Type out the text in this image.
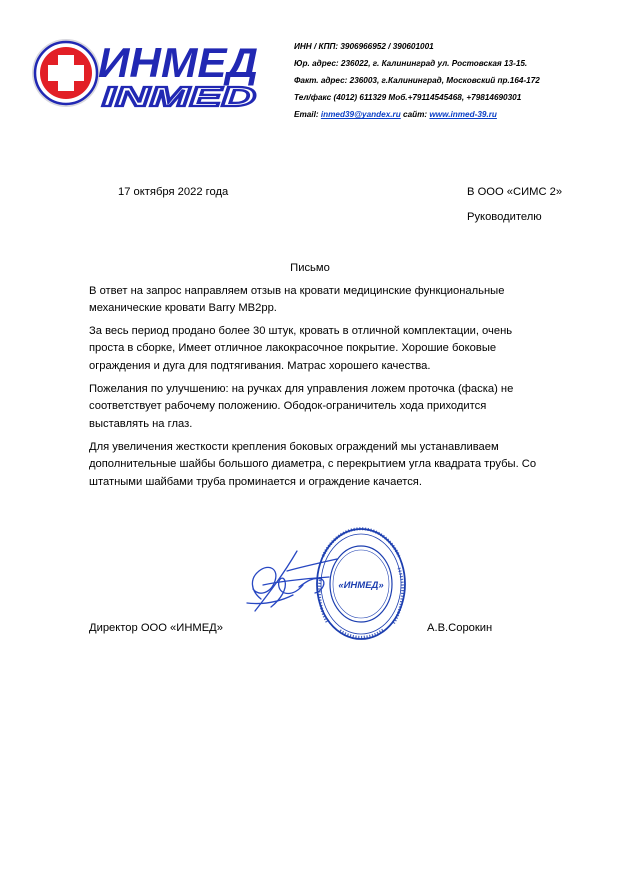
ИНМЕД
INMED
ИНН / КПП: 3906966952 / 390601001
Юр. адрес: 236022, г. Калининград ул. Ростовская 13-15.
Факт. адрес: 236003, г.Калининград, Московский пр.164-172
Тел/факс (4012) 611329 Моб.+79114545468, +79814690301
Email: inmed39@yandex.ru сайт: www.inmed-39.ru
17 октября 2022 года	В ООО «СИМС 2»
Руководителю
Письмо
В ответ на запрос направляем отзыв на кровати медицинские функциональные механические кровати Barry MB2pp.
За весь период продано более 30 штук, кровать в отличной комплектации, очень проста в сборке, Имеет отличное лакокрасочное покрытие. Хорошие боковые ограждения и дуга для подтягивания. Матрас хорошего качества.
Пожелания по улучшению: на ручках для управления ложем проточка (фаска) не соответствует рабочему положению. Ободок-ограничитель хода приходится выставлять на глаз.
Для увеличения жесткости крепления боковых ограждений мы устанавливаем дополнительные шайбы большого диаметра, с перекрытием угла квадрата трубы. Со штатными шайбами труба проминается и ограждение качается.
«ИНМЕД»
Директор ООО «ИНМЕД»	А.В.Сорокин
